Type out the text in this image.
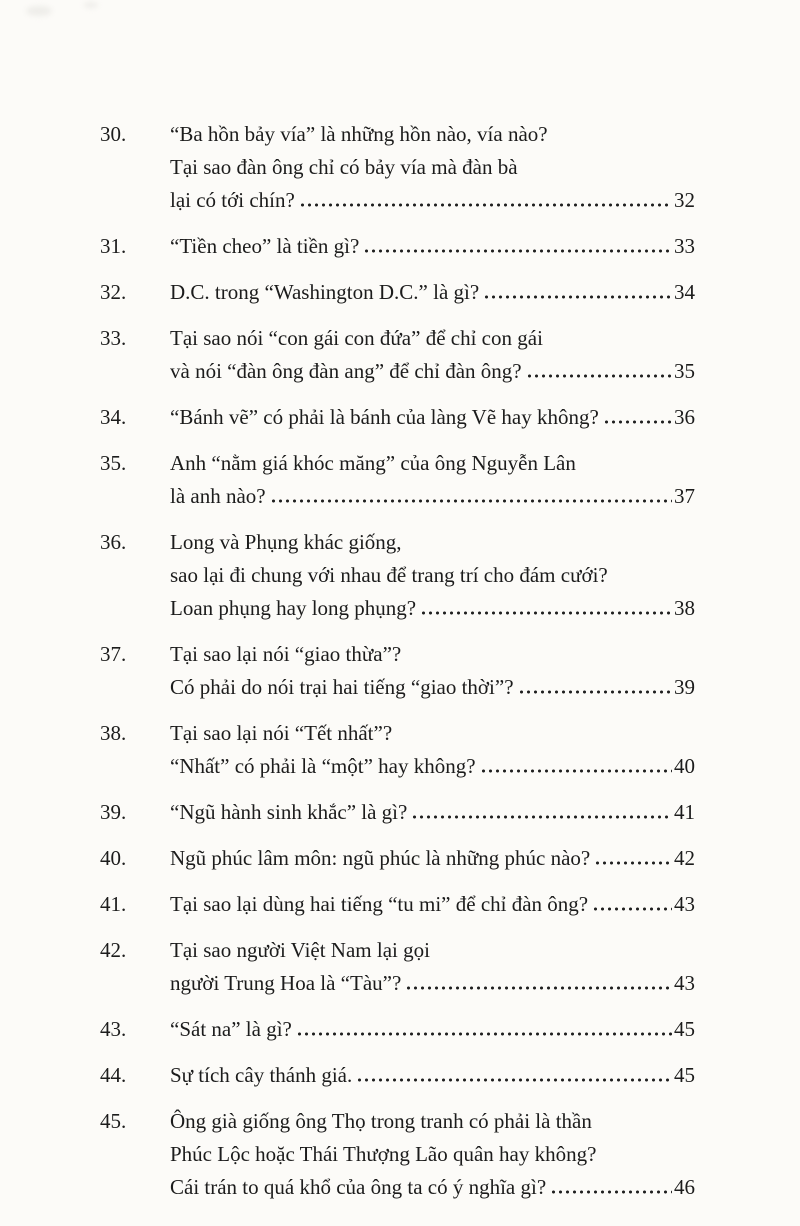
30.	“Ba hồn bảy vía” là những hồn nào, vía nào?
Tại sao đàn ông chỉ có bảy vía mà đàn bà
lại có tới chín?	32
31.	“Tiền cheo” là tiền gì?	33
32.	D.C. trong “Washington D.C.” là gì?	34
33.	Tại sao nói “con gái con đứa” để chỉ con gái
và nói “đàn ông đàn ang” để chỉ đàn ông?	35
34.	“Bánh vẽ” có phải là bánh của làng Vẽ hay không?	36
35.	Anh “nằm giá khóc măng” của ông Nguyễn Lân
là anh nào?	37
36.	Long và Phụng khác giống,
sao lại đi chung với nhau để trang trí cho đám cưới?
Loan phụng hay long phụng?	38
37.	Tại sao lại nói “giao thừa”?
Có phải do nói trại hai tiếng “giao thời”?	39
38.	Tại sao lại nói “Tết nhất”?
“Nhất” có phải là “một” hay không?	40
39.	“Ngũ hành sinh khắc” là gì?	41
40.	Ngũ phúc lâm môn: ngũ phúc là những phúc nào?	42
41.	Tại sao lại dùng hai tiếng “tu mi” để chỉ đàn ông?	43
42.	Tại sao người Việt Nam lại gọi
người Trung Hoa là “Tàu”?	43
43.	“Sát na” là gì?	45
44.	Sự tích cây thánh giá.	45
45.	Ông già giống ông Thọ trong tranh có phải là thần
Phúc Lộc hoặc Thái Thượng Lão quân hay không?
Cái trán to quá khổ của ông ta có ý nghĩa gì?	46
